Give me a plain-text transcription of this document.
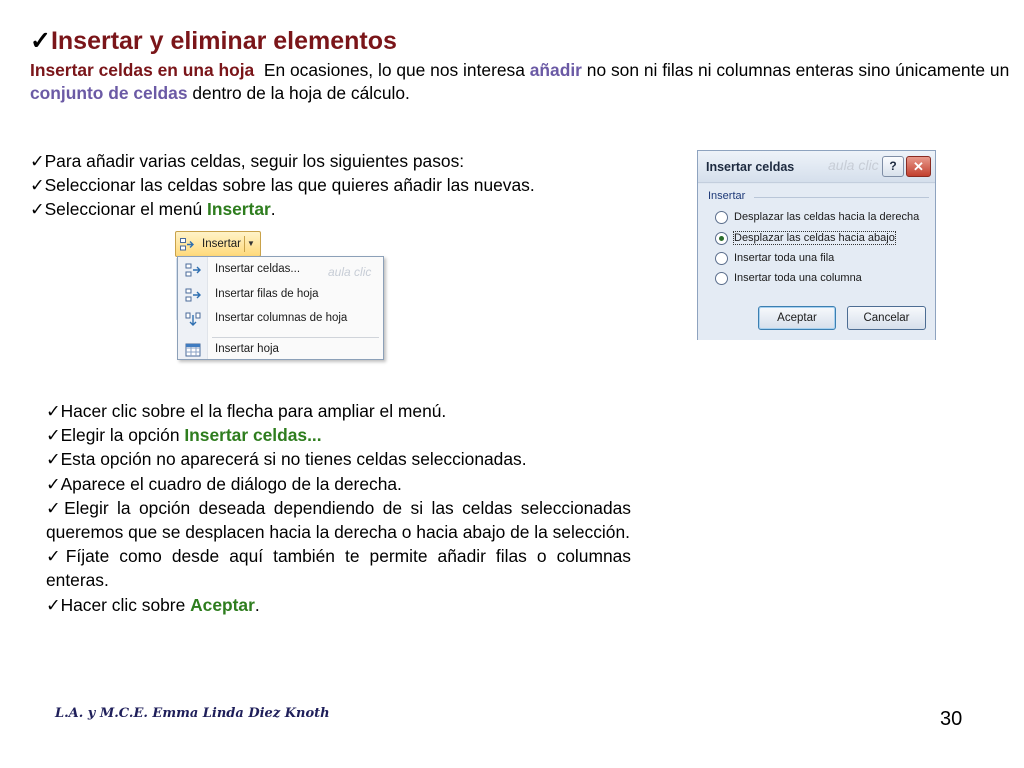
✓Insertar y eliminar elementos
Insertar celdas en una hoja  En ocasiones, lo que nos interesa añadir no son ni filas ni columnas enteras sino únicamente un conjunto de celdas dentro de la hoja de cálculo.
✓Para añadir varias celdas, seguir los siguientes pasos:
✓Seleccionar las celdas sobre las que quieres añadir las nuevas.
✓Seleccionar el menú Insertar.
Insertar ▼
aula clic
Insertar celdas...
Insertar filas de hoja
Insertar columnas de hoja
Insertar hoja
Insertar celdas aula clic ?	✕
Insertar
Desplazar las celdas hacia la derecha
Desplazar las celdas hacia abajo
Insertar toda una fila
Insertar toda una columna
Aceptar	Cancelar

✓Hacer clic sobre el la flecha para ampliar el menú.

✓Elegir la opción Insertar celdas...

✓Esta opción no aparecerá si no tienes celdas seleccionadas.

✓Aparece el cuadro de diálogo de la derecha.

✓Elegir la opción deseada dependiendo de si las celdas seleccionadas queremos que se desplacen hacia la derecha o hacia abajo de la selección.

✓Fíjate como desde aquí también te permite añadir filas o columnas enteras.

✓Hacer clic sobre Aceptar.

L.A. y M.C.E. Emma Linda Diez Knoth	30
